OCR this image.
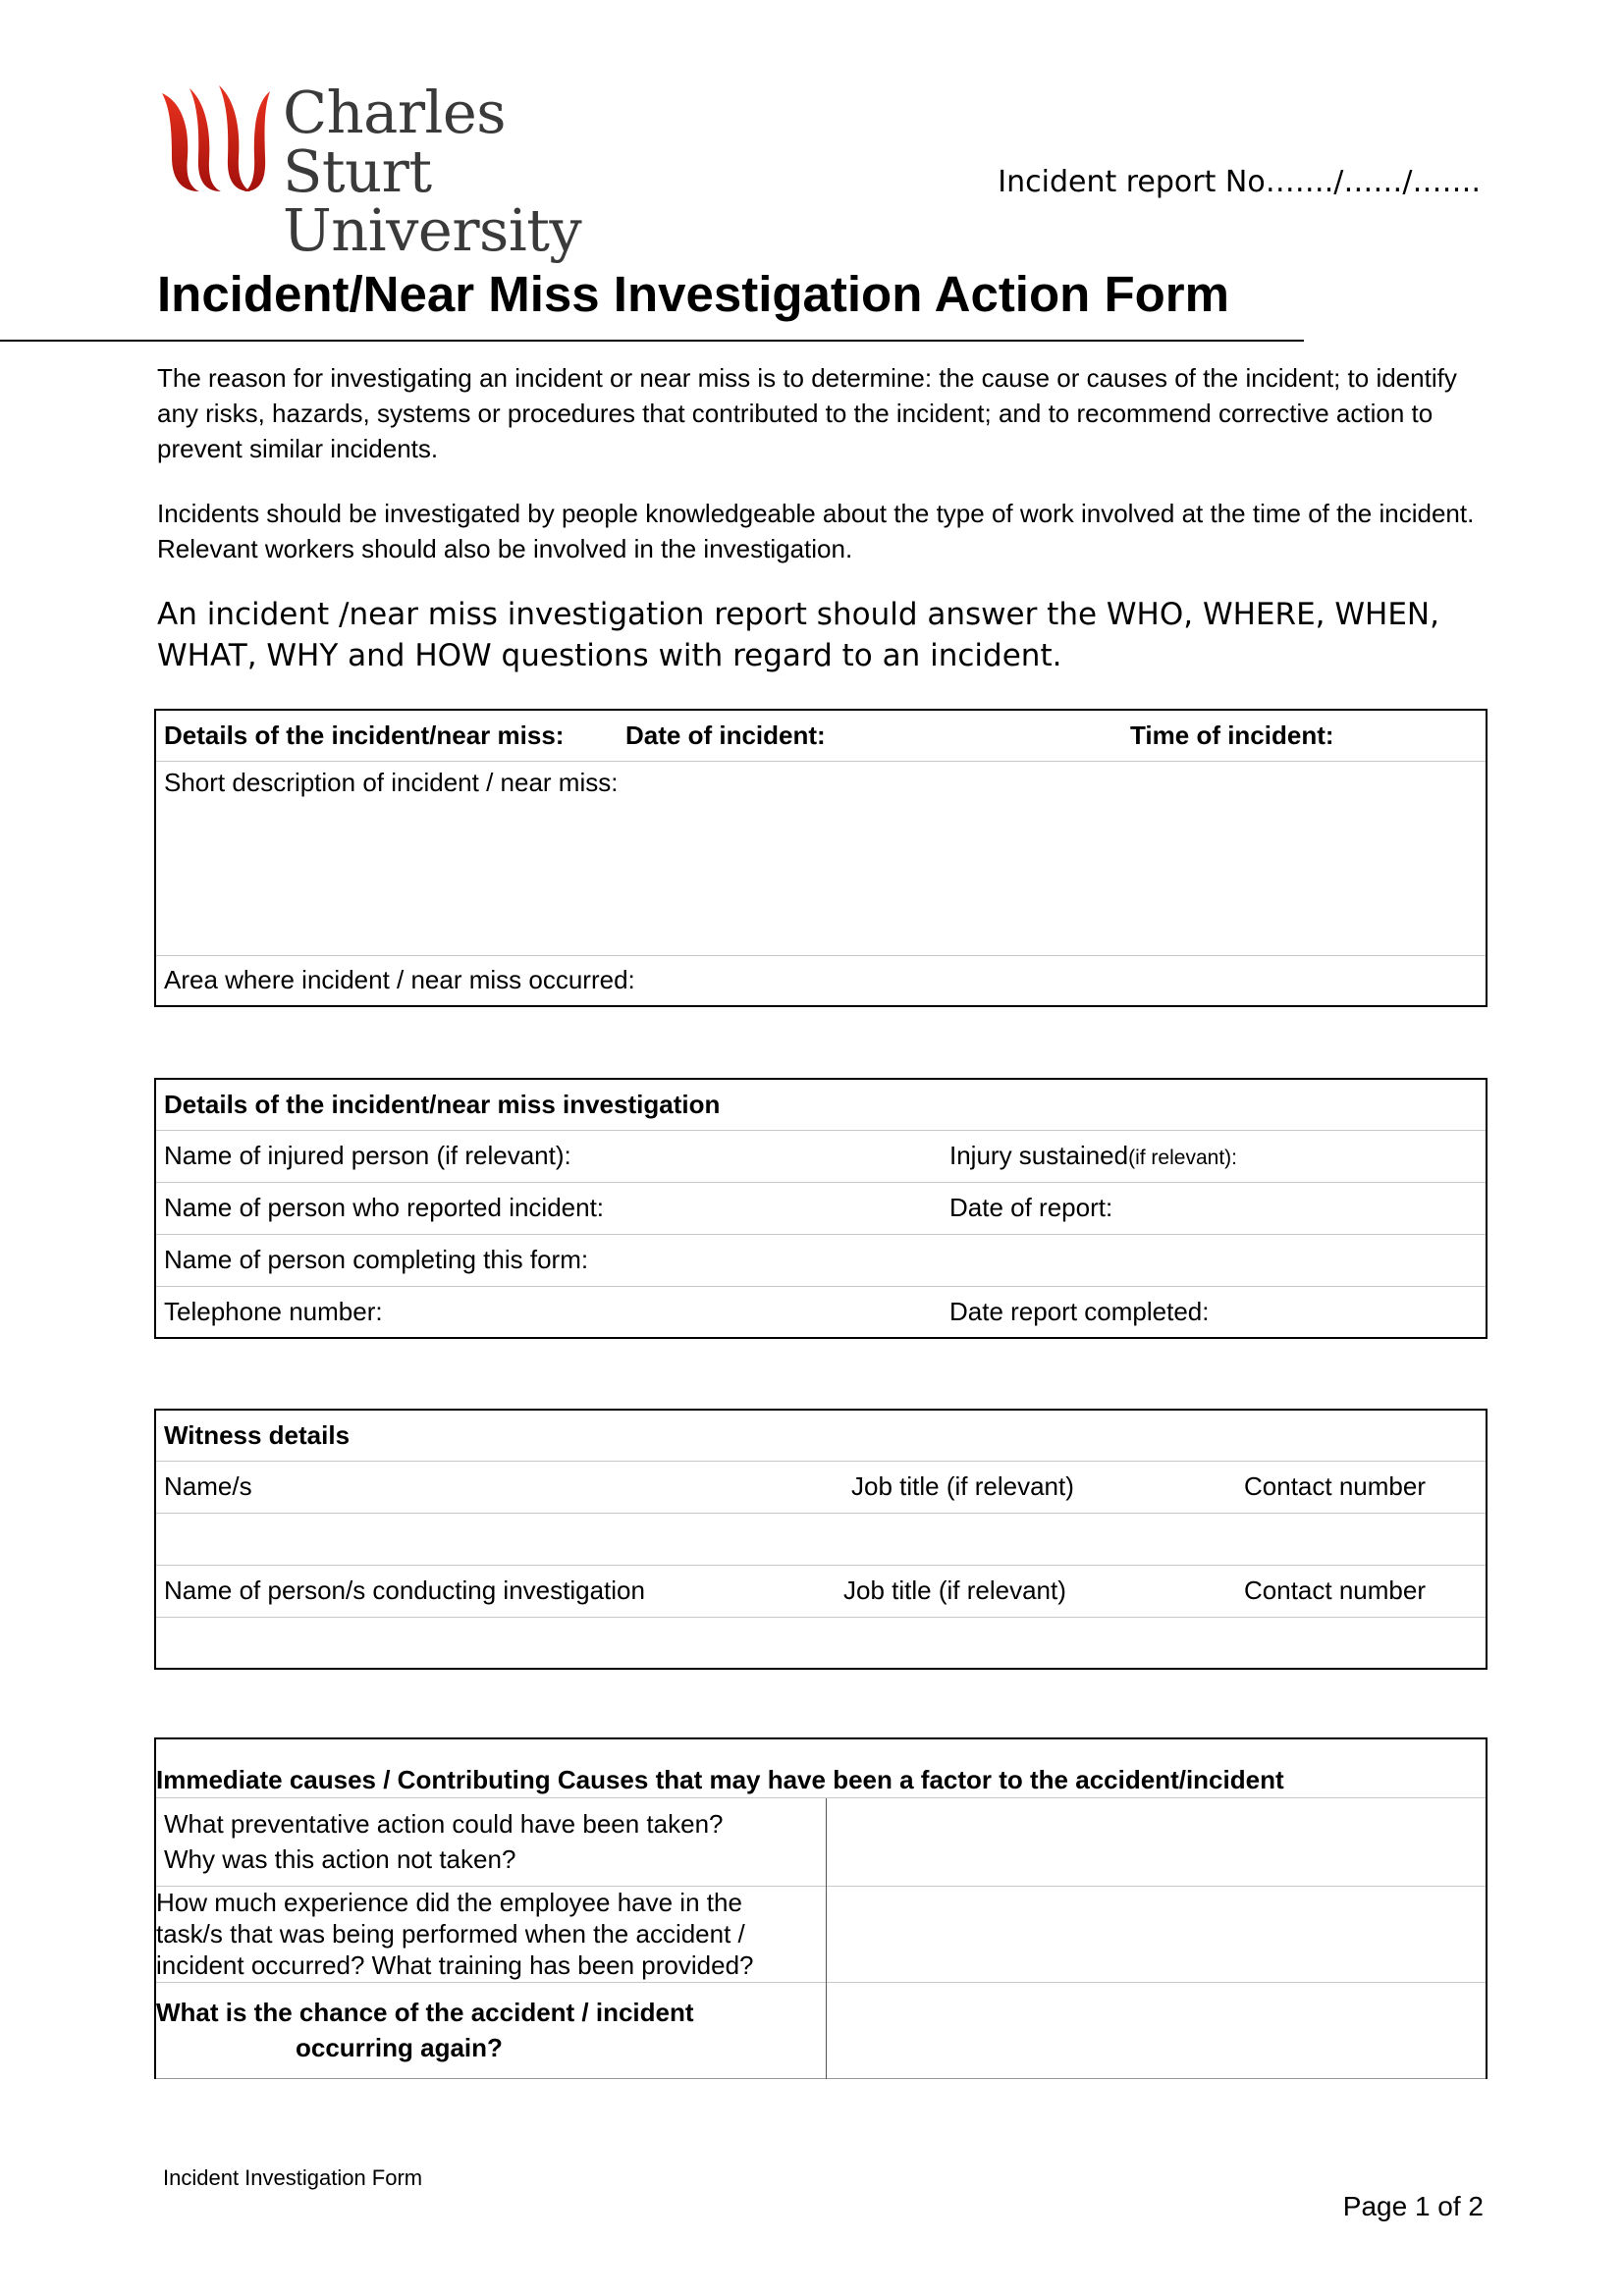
Charles Sturt
University
Incident report No……./……/…….
Incident/Near Miss Investigation Action Form
The reason for investigating an incident or near miss is to determine: the cause or causes of the incident; to identify any risks, hazards, systems or procedures that contributed to the incident; and to recommend corrective action to prevent similar incidents.
Incidents should be investigated by people knowledgeable about the type of work involved at the time of the incident. Relevant workers should also be involved in the investigation.
An incident /near miss investigation report should answer the WHO, WHERE, WHEN, WHAT, WHY and HOW questions with regard to an incident.
Details of the incident/near miss: Date of incident:	Time of incident:
Short description of incident / near miss:
Area where incident / near miss occurred:
Details of the incident/near miss investigation	
Name of injured person (if relevant):	Injury sustained(if relevant):
Name of person who reported incident:	Date of report:
Name of person completing this form:	
Telephone number:	Date report completed:
Witness details		
Name/s	Job title (if relevant)	Contact number

Name of person/s conducting investigation	Job title (if relevant)	Contact number

Immediate causes / Contributing Causes that may have been a factor to the accident/incident	

What preventative action could have been taken?
Why was this action not taken?	

How much experience did the employee have in the task/s that was being performed when the accident / incident occurred? What training has been provided?	

What is the chance of the accident / incident
occurring again?	

Incident Investigation Form
Page 1 of 2
